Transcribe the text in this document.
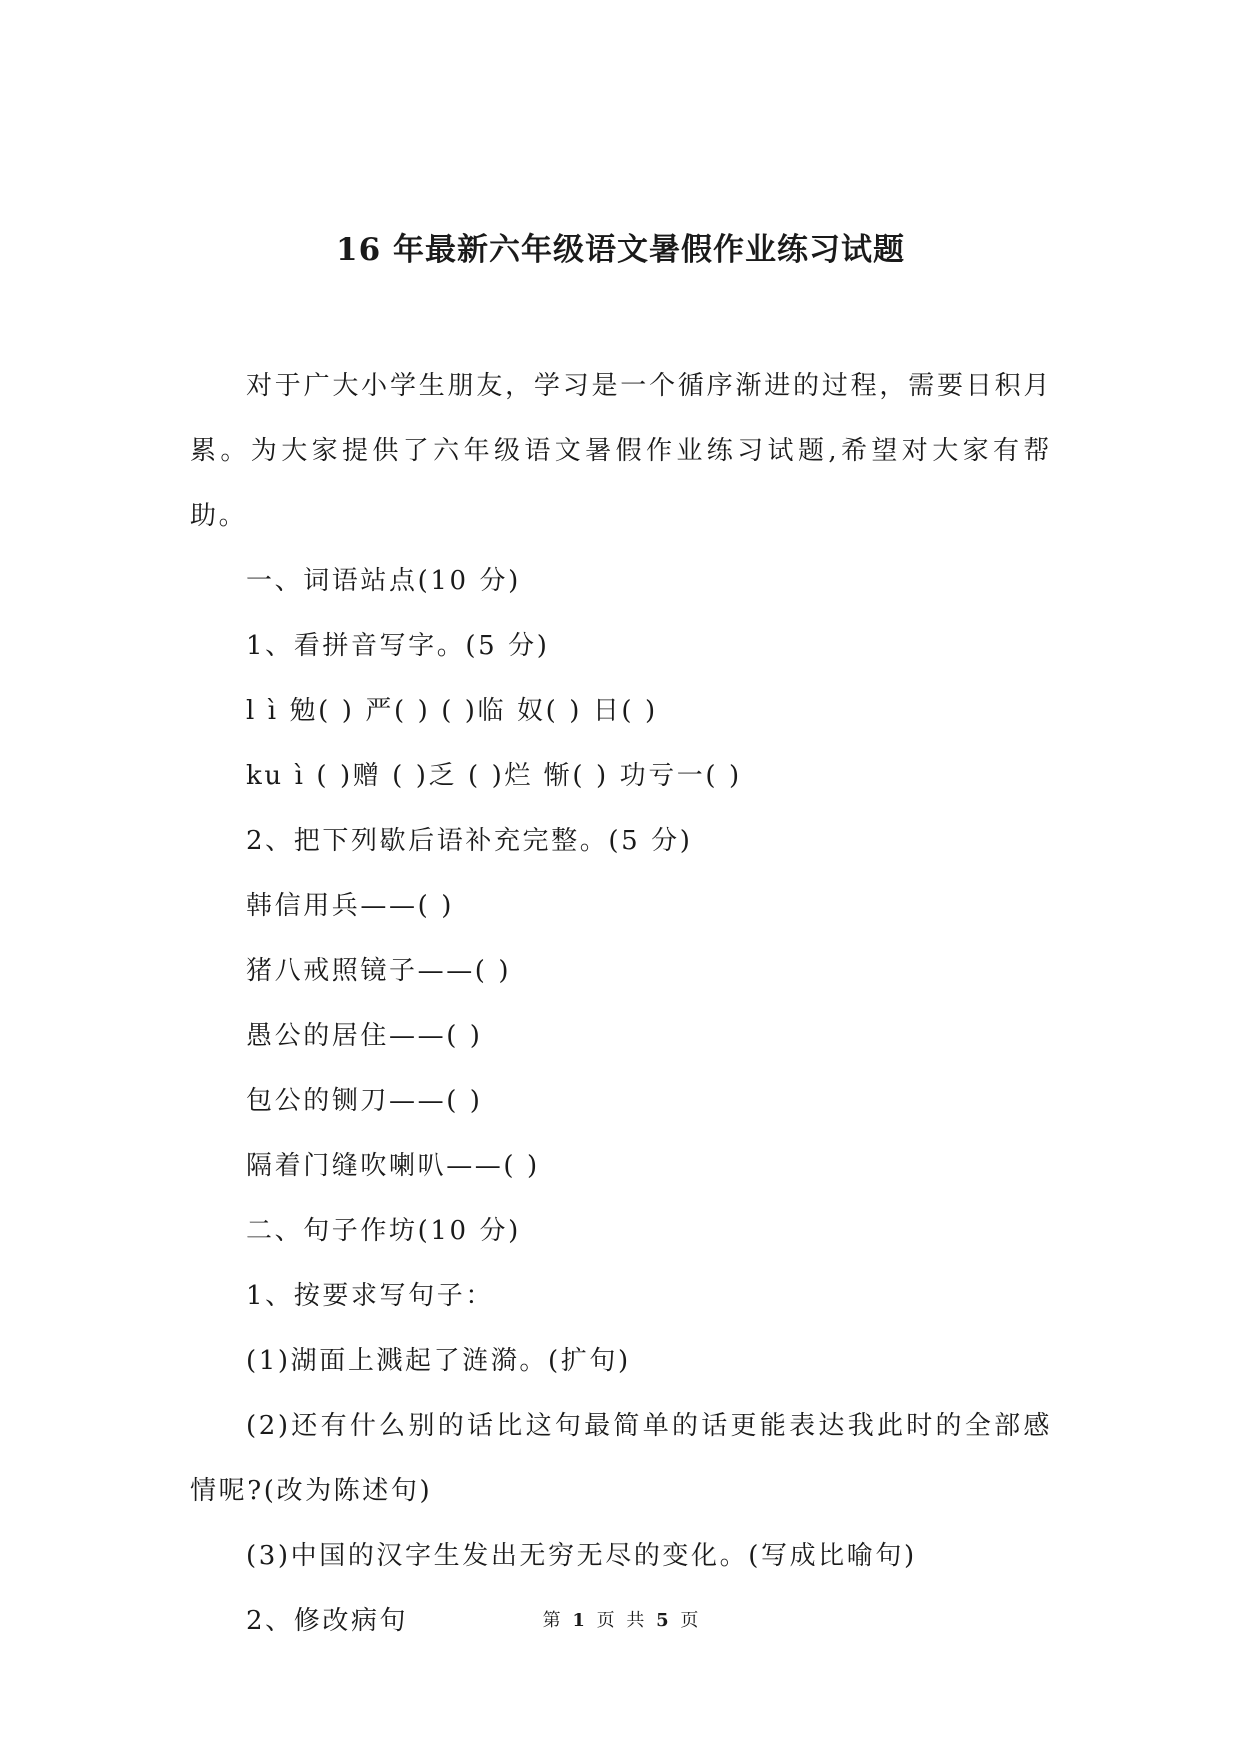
16 年最新六年级语文暑假作业练习试题

对于广大小学生朋友，学习是一个循序渐进的过程，需要日积月累。为大家提供了六年级语文暑假作业练习试题,希望对大家有帮助。

一、词语站点(10 分)

1、看拼音写字。(5 分)

l ì 勉( ) 严( ) ( )临 奴( ) 日( )

ku ì ( )赠 ( )乏 ( )烂 惭( ) 功亏一( )

2、把下列歇后语补充完整。(5 分)

韩信用兵——( )

猪八戒照镜子——( )

愚公的居住——( )

包公的铡刀——( )

隔着门缝吹喇叭——( )

二、句子作坊(10 分)

1、按要求写句子：

(1)湖面上溅起了涟漪。(扩句)

(2)还有什么别的话比这句最简单的话更能表达我此时的全部感情呢?(改为陈述句)

(3)中国的汉字生发出无穷无尽的变化。(写成比喻句)

2、修改病句	第 1 页 共 5 页
